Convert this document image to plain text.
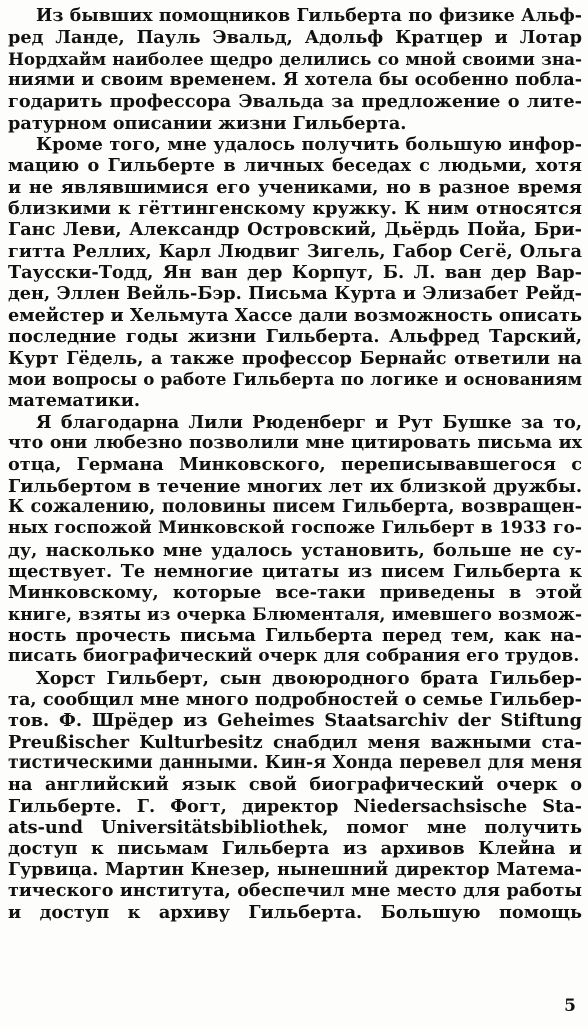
Из бывших помощников Гильберта по физике Альф-
ред Ланде, Пауль Эвальд, Адольф Кратцер и Лотар
Нордхайм наиболее щедро делились со мной своими зна-
ниями и своим временем. Я хотела бы особенно побла-
годарить профессора Эвальда за предложение о лите-
ратурном описании жизни Гильберта.
Кроме того, мне удалось получить большую инфор-
мацию о Гильберте в личных беседах с людьми, хотя
и не являвшимися его учениками, но в разное время
близкими к гёттингенскому кружку. К ним относятся
Ганс Леви, Александр Островский, Дьёрдь Пойа, Бри-
гитта Реллих, Карл Людвиг Зигель, Габор Сегё, Ольга
Тaусски-Тодд, Ян ван дер Корпут, Б. Л. ван дер Вар-
ден, Эллен Вейль-Бэр. Письма Курта и Элизабет Рейд-
емейстер и Хельмута Хассе дали возможность описать
последние годы жизни Гильберта. Альфред Тарский,
Курт Гёдель, а также профессор Бернайс ответили на
мои вопросы о работе Гильберта по логике и основаниям
математики.
Я благодарна Лили Рюденберг и Рут Бушке за то,
что они любезно позволили мне цитировать письма их
отца, Германа Минковского, переписывавшегося с
Гильбертом в течение многих лет их близкой дружбы.
К сожалению, половины писем Гильберта, возвращен-
ных госпожой Минковской госпоже Гильберт в 1933 го-
ду, насколько мне удалось установить, больше не су-
ществует. Те немногие цитаты из писем Гильберта к
Минковскому, которые все-таки приведены в этой
книге, взяты из очерка Блюменталя, имевшего возмож-
ность прочесть письма Гильберта перед тем, как на-
писать биографический очерк для собрания его трудов.
Хорст Гильберт, сын двоюродного брата Гильбер-
та, сообщил мне много подробностей о семье Гильбер-
тов. Ф. Шрёдер из Geheimes Staatsarchiv der Stiftung
Preußischer Kulturbesitz снабдил меня важными ста-
тистическими данными. Кин-я Хонда перевел для меня
на английский язык свой биографический очерк о
Гильберте. Г. Фогт, директор Niedersachsische Sta-
ats-und Universitätsbibliothek, помог мне получить
доступ к письмам Гильберта из архивов Клейна и
Гурвица. Мартин Кнезер, нынешний директор Матема-
тического института, обеспечил мне место для работы
и доступ к архиву Гильберта. Большую помощь
5
